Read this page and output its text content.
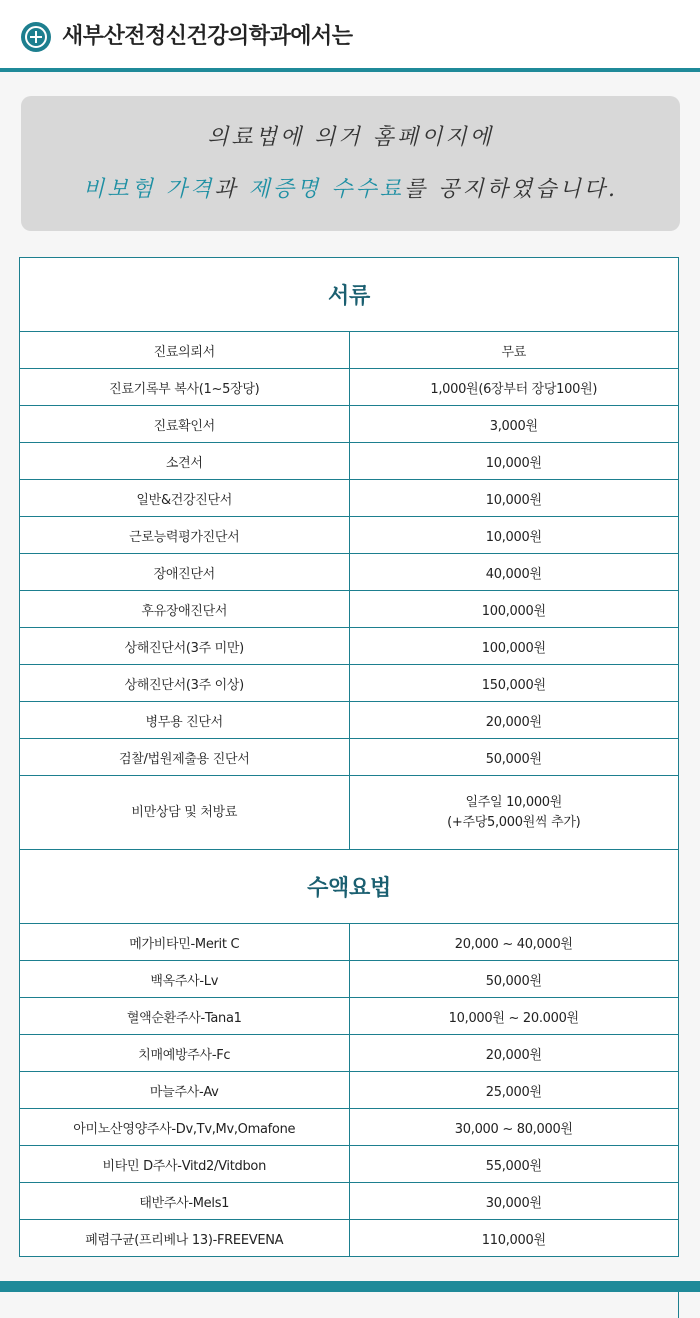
새부산전정신건강의학과에서는
의료법에 의거 홈페이지에
비보험 가격과 제증명 수수료를 공지하였습니다.
서류	
진료의뢰서	무료
진료기록부 복사(1~5장당)	1,000원(6장부터 장당100원)
진료확인서	3,000원
소견서	10,000원
일반&건강진단서	10,000원
근로능력평가진단서	10,000원
장애진단서	40,000원
후유장애진단서	100,000원
상해진단서(3주 미만)	100,000원
상해진단서(3주 이상)	150,000원
병무용 진단서	20,000원
검찰/법원제출용 진단서	50,000원
비만상담 및 처방료	일주일 10,000원
(+주당5,000원씩 추가)

수액요법	
메가비타민-Merit C	20,000 ~ 40,000원
백옥주사-Lv	50,000원
혈액순환주사-Tana1	10,000원 ~ 20.000원
치매예방주사-Fc	20,000원
마늘주사-Av	25,000원
아미노산영양주사-Dv,Tv,Mv,Omafone	30,000 ~ 80,000원
비타민 D주사-Vitd2/Vitdbon	55,000원
태반주사-Mels1	30,000원
폐렴구균(프리베나 13)-FREEVENA	110,000원
